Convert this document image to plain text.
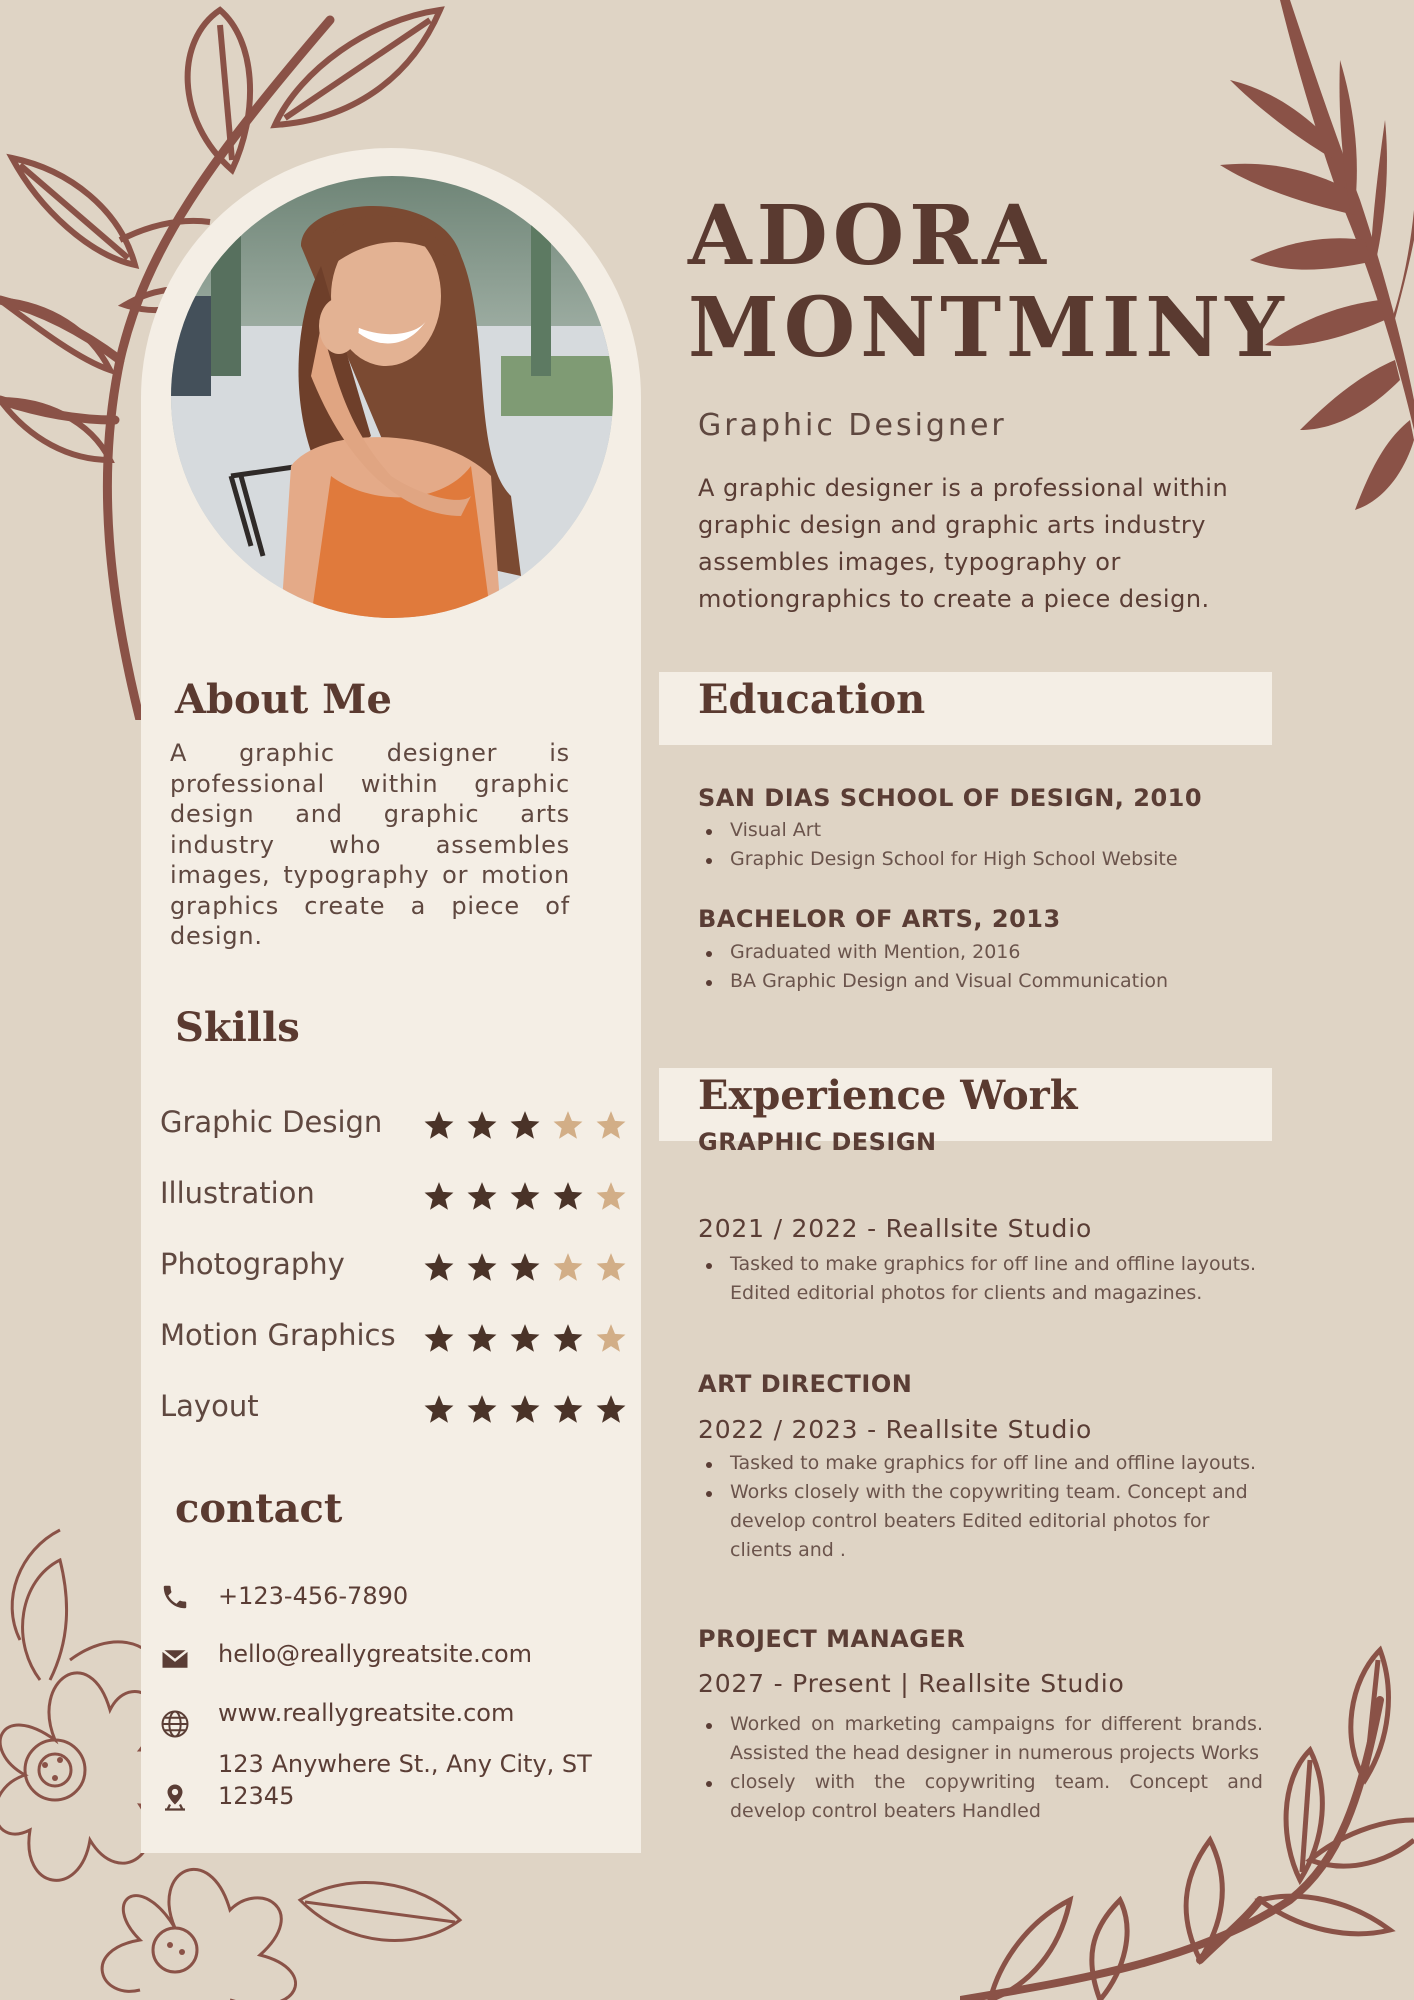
About Me

A graphic designer is professional within graphic design and graphic arts industry who assembles images, typography or motion graphics create a piece of design.

Skills
Graphic Design
Illustration
Photography
Motion Graphics
Layout
contact
+123-456-7890
hello@reallygreatsite.com
www.reallygreatsite.com
123 Anywhere St., Any City, ST
12345
ADORA
MONTMINY
Graphic Designer

A graphic designer is a professional within graphic design and graphic arts industry assembles images, typography or motiongraphics to create a piece design.

Education
SAN DIAS SCHOOL OF DESIGN, 2010
Visual Art
Graphic Design School for High School Website
BACHELOR OF ARTS, 2013
Graduated with Mention, 2016
BA Graphic Design and Visual Communication
Experience Work
GRAPHIC DESIGN
2021 / 2022 - Reallsite Studio
Tasked to make graphics for off line and offline layouts. Edited editorial photos for clients and magazines.
ART DIRECTION
2022 / 2023 - Reallsite Studio
Tasked to make graphics for off line and offline layouts.
Works closely with the copywriting team. Concept and develop control beaters Edited editorial photos for clients and .
PROJECT MANAGER
2027 - Present | Reallsite Studio
Worked on marketing campaigns for different brands. Assisted the head designer in numerous projects Works
closely with the copywriting team. Concept and develop control beaters Handled
